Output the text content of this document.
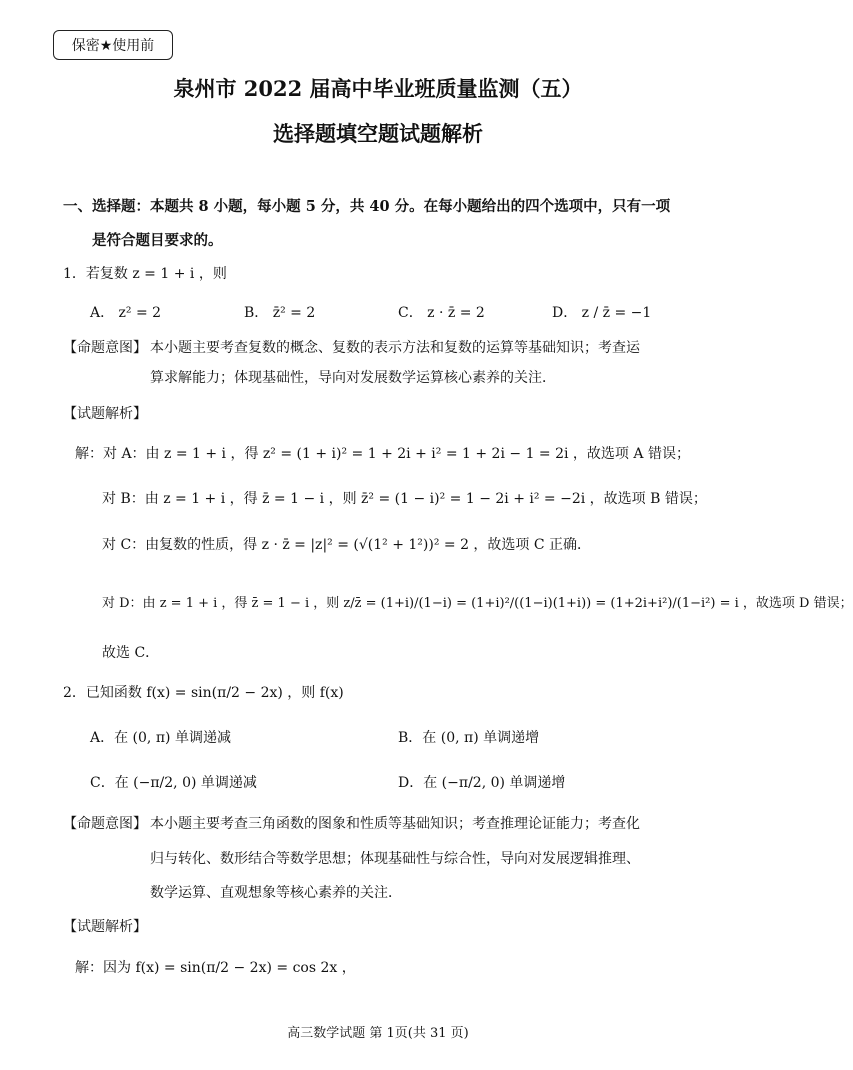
保密★使用前
泉州市 2022 届高中毕业班质量监测（五）
选择题填空题试题解析
一、选择题：本题共 8 小题，每小题 5 分，共 40 分。在每小题给出的四个选项中，只有一项
是符合题目要求的。
1．若复数 z = 1 + i ，则
A． z² = 2	B． z̄² = 2	C． z · z̄ = 2	D． z / z̄ = −1
【命题意图】 本小题主要考查复数的概念、复数的表示方法和复数的运算等基础知识；考查运
算求解能力；体现基础性，导向对发展数学运算核心素养的关注．
【试题解析】
解：对 A：由 z = 1 + i ，得 z² = (1 + i)² = 1 + 2i + i² = 1 + 2i − 1 = 2i ，故选项 A 错误；
对 B：由 z = 1 + i ，得 z̄ = 1 − i ，则 z̄² = (1 − i)² = 1 − 2i + i² = −2i ，故选项 B 错误；
对 C：由复数的性质，得 z · z̄ = |z|² = (√(1² + 1²))² = 2 ，故选项 C 正确．
对 D：由 z = 1 + i ，得 z̄ = 1 − i ，则 z/z̄ = (1+i)/(1−i) = (1+i)²/((1−i)(1+i)) = (1+2i+i²)/(1−i²) = i ，故选项 D 错误；
故选 C．
2．已知函数 f(x) = sin(π/2 − 2x) ，则 f(x)
A．在 (0, π) 单调递减	B．在 (0, π) 单调递增
C．在 (−π/2, 0) 单调递减	D．在 (−π/2, 0) 单调递增
【命题意图】 本小题主要考查三角函数的图象和性质等基础知识；考查推理论证能力；考查化
归与转化、数形结合等数学思想；体现基础性与综合性，导向对发展逻辑推理、
数学运算、直观想象等核心素养的关注．
【试题解析】
解：因为 f(x) = sin(π/2 − 2x) = cos 2x ，
高三数学试题 第 1页(共 31 页)
